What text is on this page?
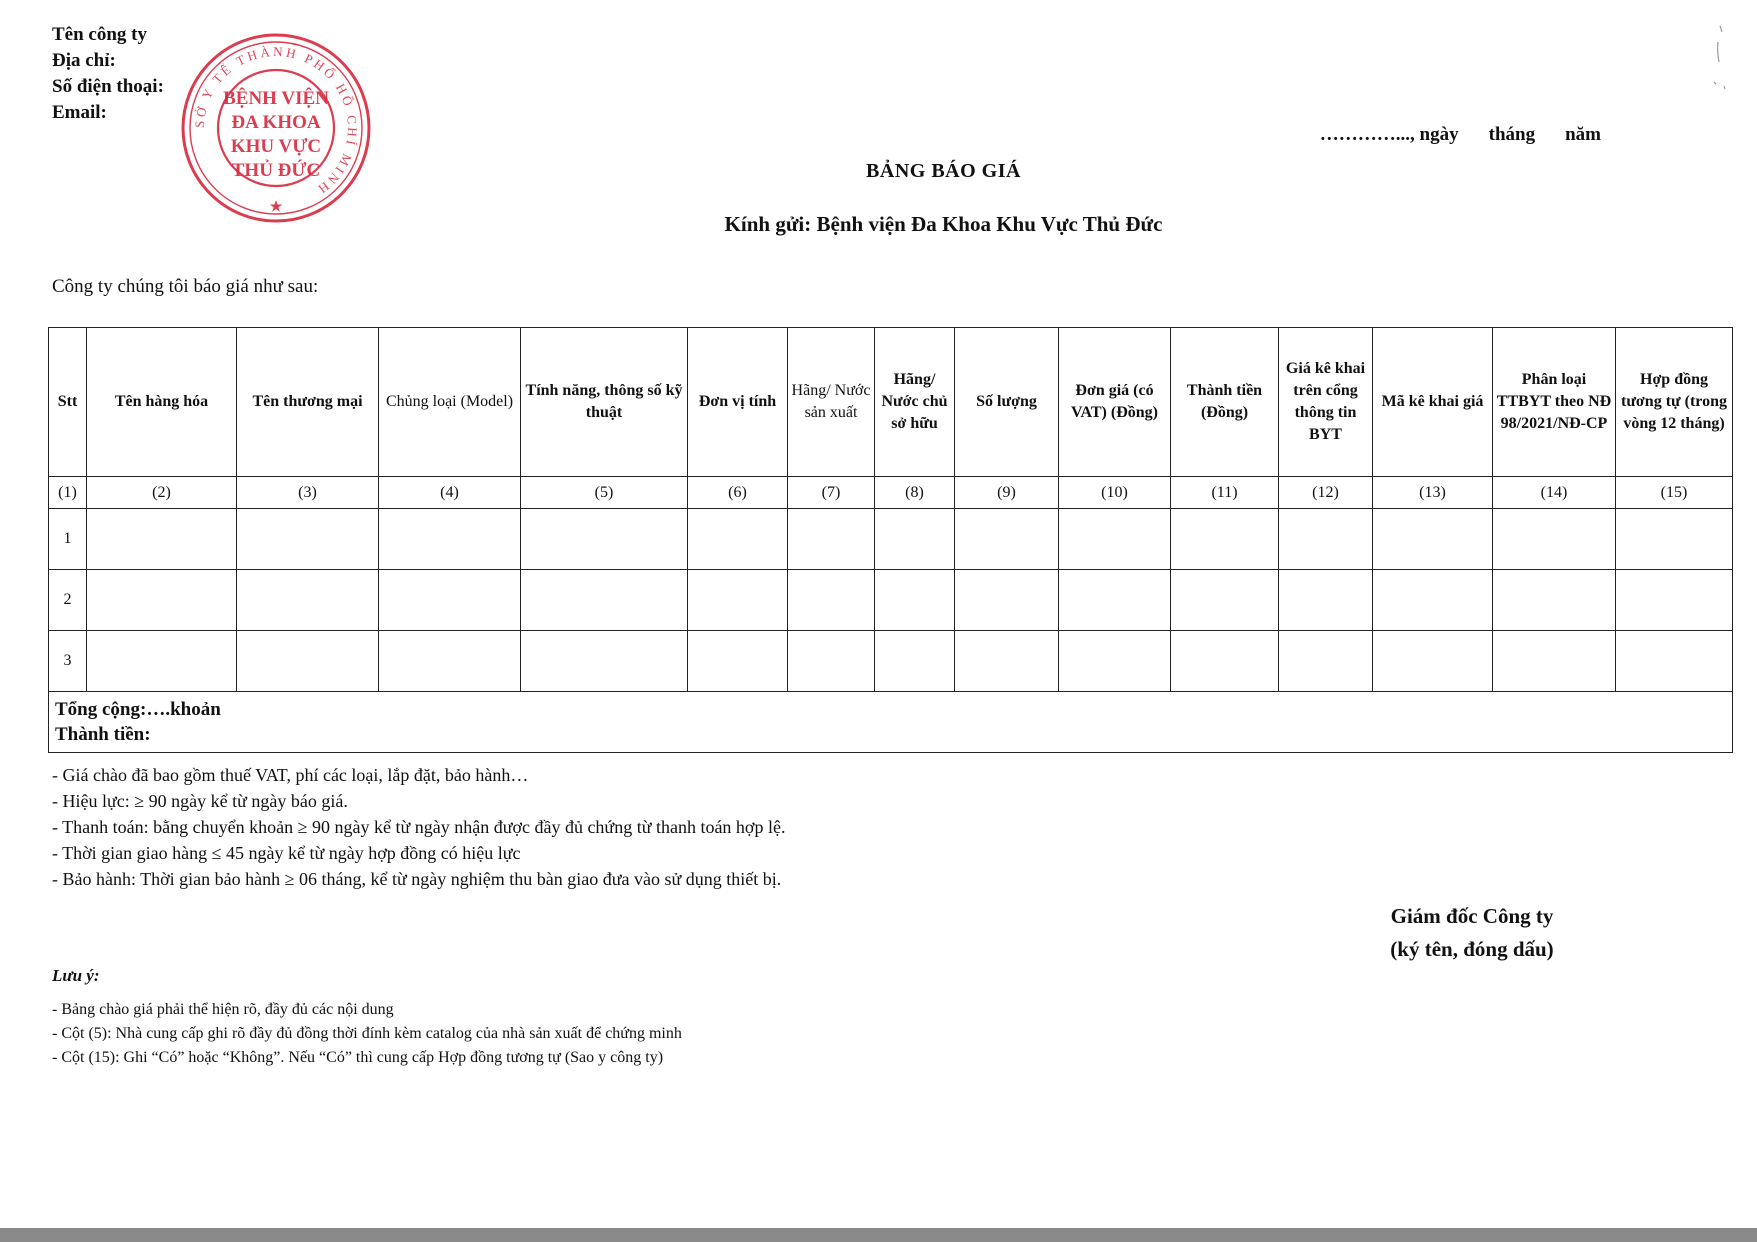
Tên công ty
Địa chỉ:
Số điện thoại:
Email:	SỞ Y TẾ THÀNH PHỐ HỒ CHÍ MINH
BỆNH VIỆN
ĐA KHOA
KHU VỰC
THỦ ĐỨC
★
…………..., ngày tháng năm
BẢNG BÁO GIÁ
Kính gửi: Bệnh viện Đa Khoa Khu Vực Thủ Đức
Công ty chúng tôi báo giá như sau:
Stt	Tên hàng hóa	Tên thương mại	Chủng loại (Model)	Tính năng, thông số kỹ thuật	Đơn vị tính	Hãng/ Nước sản xuất	Hãng/ Nước chủ sở hữu	Số lượng	Đơn giá (có VAT) (Đồng)	Thành tiền (Đồng)	Giá kê khai trên cổng thông tin BYT	Mã kê khai giá	Phân loại TTBYT theo NĐ 98/2021/NĐ-CP	Hợp đồng tương tự (trong vòng 12 tháng)
(1)	(2)	(3)	(4)	(5)	(6)	(7)	(8)	(9)	(10)	(11)	(12)	(13)	(14)	(15)
1														
2														
3														

Tổng cộng:….khoản
Thành tiền:														
- Giá chào đã bao gồm thuế VAT, phí các loại, lắp đặt, bảo hành…
- Hiệu lực: ≥ 90 ngày kể từ ngày báo giá.
- Thanh toán: bằng chuyển khoản ≥ 90 ngày kể từ ngày nhận được đầy đủ chứng từ thanh toán hợp lệ.
- Thời gian giao hàng ≤ 45 ngày kể từ ngày hợp đồng có hiệu lực
- Bảo hành: Thời gian bảo hành ≥ 06 tháng, kể từ ngày nghiệm thu bàn giao đưa vào sử dụng thiết bị.
Giám đốc Công ty
(ký tên, đóng dấu)
Lưu ý:
- Bảng chào giá phải thể hiện rõ, đầy đủ các nội dung
- Cột (5): Nhà cung cấp ghi rõ đầy đủ đồng thời đính kèm catalog của nhà sản xuất để chứng minh
- Cột (15): Ghi “Có” hoặc “Không”. Nếu “Có” thì cung cấp Hợp đồng tương tự (Sao y công ty)
